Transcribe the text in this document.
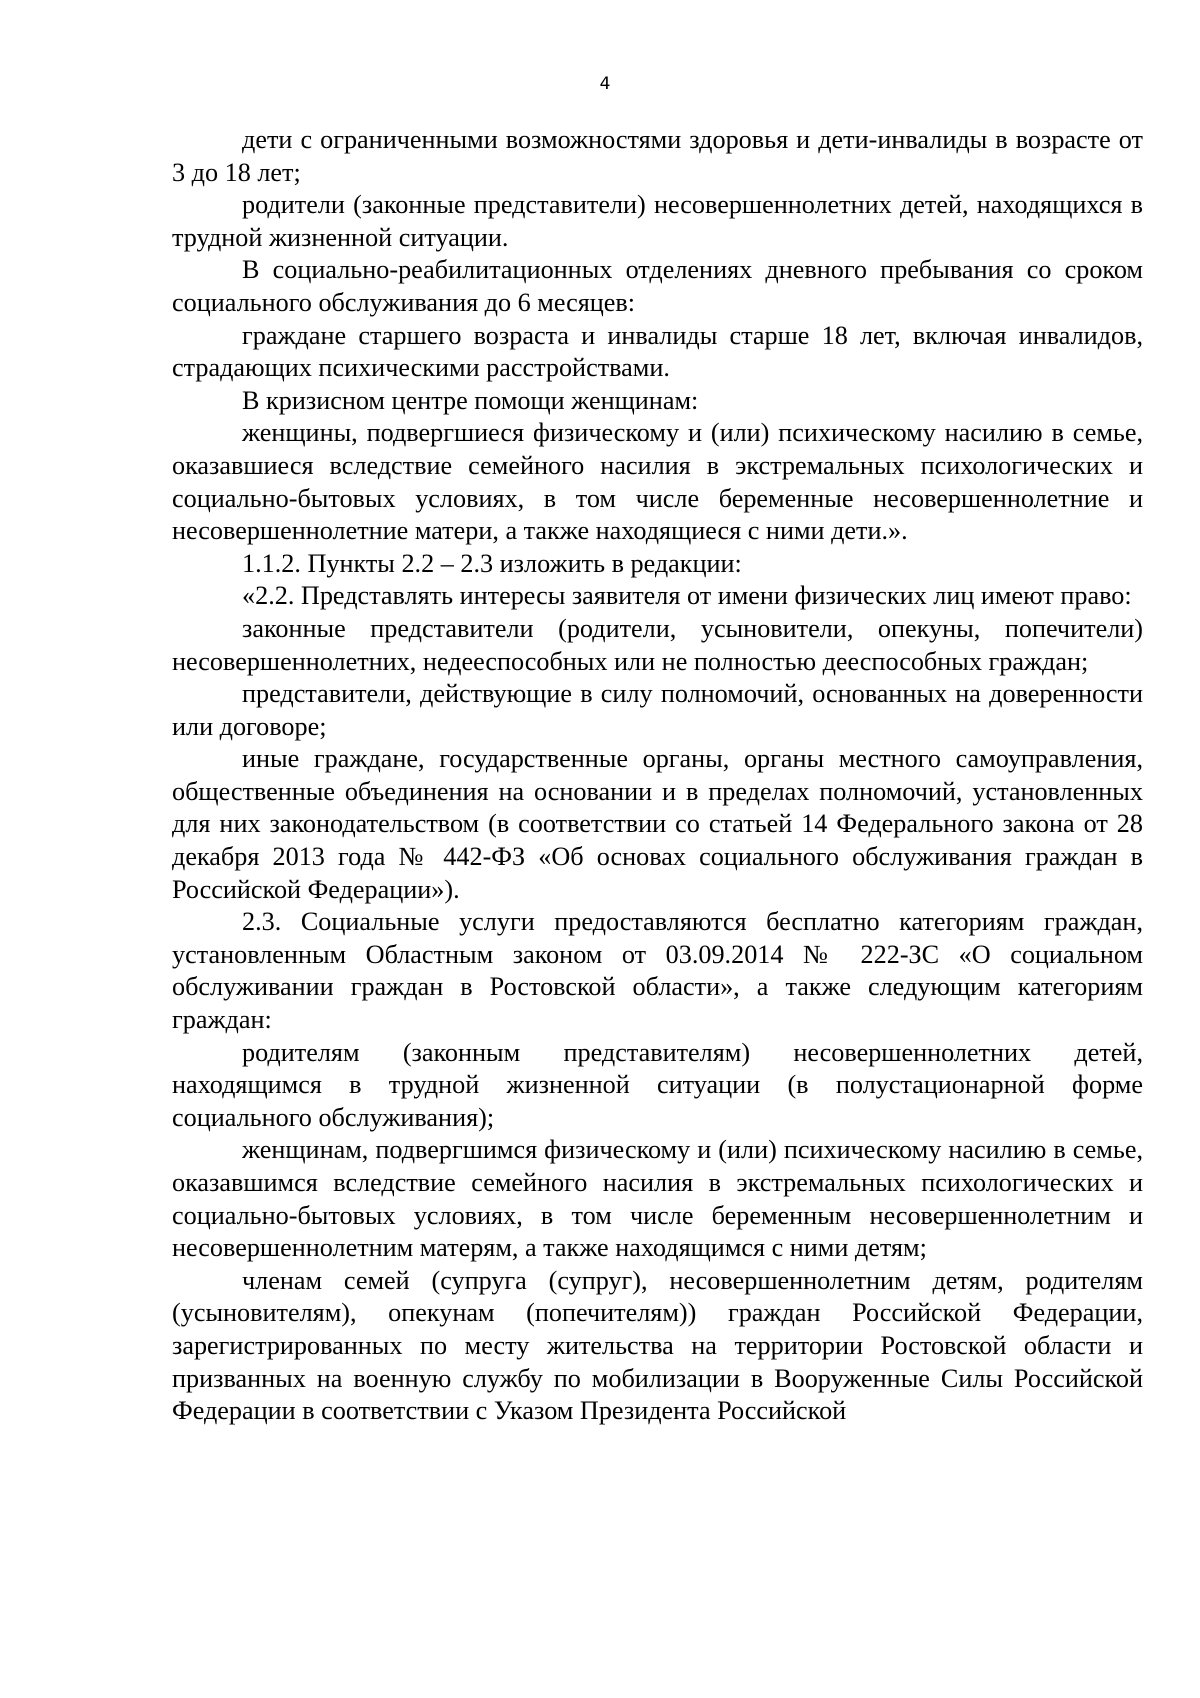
4

дети с ограниченными возможностями здоровья и дети-инвалиды в возрасте от 3 до 18 лет;

родители (законные представители) несовершеннолетних детей, находящихся в трудной жизненной ситуации.

В социально-реабилитационных отделениях дневного пребывания со сроком социального обслуживания до 6 месяцев:

граждане старшего возраста и инвалиды старше 18 лет, включая инвалидов, страдающих психическими расстройствами.

В кризисном центре помощи женщинам:

женщины, подвергшиеся физическому и (или) психическому насилию в семье, оказавшиеся вследствие семейного насилия в экстремальных психологических и социально-бытовых условиях, в том числе беременные несовершеннолетние и несовершеннолетние матери, а также находящиеся с ними дети.».

1.1.2. Пункты 2.2 – 2.3 изложить в редакции:

«2.2. Представлять интересы заявителя от имени физических лиц имеют право:

законные представители (родители, усыновители, опекуны, попечители) несовершеннолетних, недееспособных или не полностью дееспособных граждан;

представители, действующие в силу полномочий, основанных на доверенности или договоре;

иные граждане, государственные органы, органы местного самоуправления, общественные объединения на основании и в пределах полномочий, установленных для них законодательством (в соответствии со статьей 14 Федерального закона от 28 декабря 2013 года № 442-ФЗ «Об основах социального обслуживания граждан в Российской Федерации»).

2.3. Социальные услуги предоставляются бесплатно категориям граждан, установленным Областным законом от 03.09.2014 № 222-ЗС «О социальном обслуживании граждан в Ростовской области», а также следующим категориям граждан:

родителям (законным представителям) несовершеннолетних детей, находящимся в трудной жизненной ситуации (в полустационарной форме социального обслуживания);

женщинам, подвергшимся физическому и (или) психическому насилию в семье, оказавшимся вследствие семейного насилия в экстремальных психологических и социально-бытовых условиях, в том числе беременным несовершеннолетним и несовершеннолетним матерям, а также находящимся с ними детям;

членам семей (супруга (супруг), несовершеннолетним детям, родителям (усыновителям), опекунам (попечителям)) граждан Российской Федерации, зарегистрированных по месту жительства на территории Ростовской области и призванных на военную службу по мобилизации в Вооруженные Силы Российской Федерации в соответствии с Указом Президента Российской
